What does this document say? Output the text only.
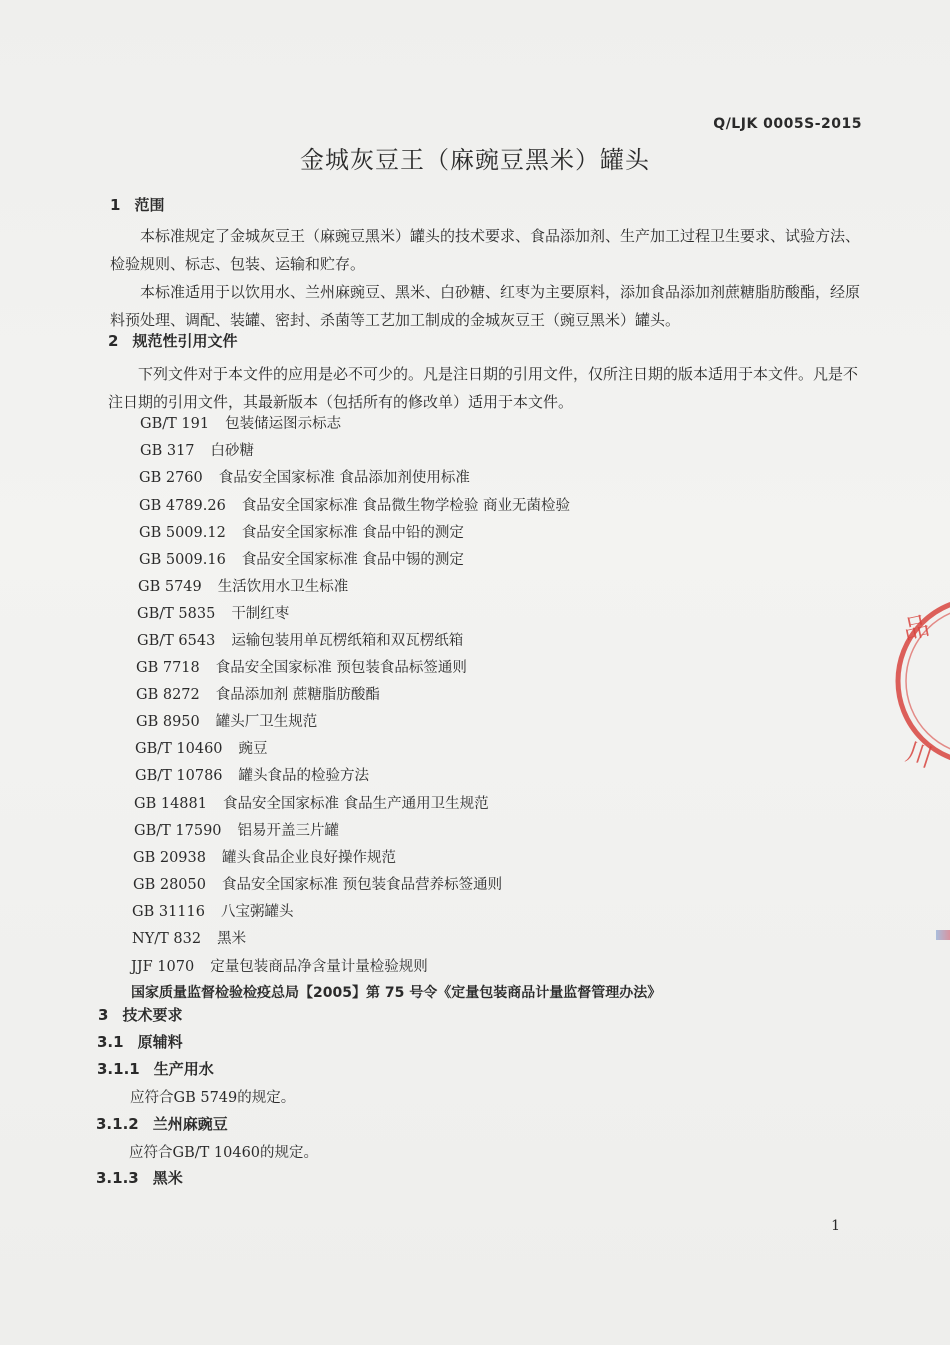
Q/LJK 0005S-2015
金城灰豆王（麻豌豆黑米）罐头
1 范围
本标准规定了金城灰豆王（麻豌豆黑米）罐头的技术要求、食品添加剂、生产加工过程卫生要求、试验方法、检验规则、标志、包装、运输和贮存。
本标准适用于以饮用水、兰州麻豌豆、黑米、白砂糖、红枣为主要原料，添加食品添加剂蔗糖脂肪酸酯，经原料预处理、调配、装罐、密封、杀菌等工艺加工制成的金城灰豆王（豌豆黑米）罐头。
2 规范性引用文件
下列文件对于本文件的应用是必不可少的。凡是注日期的引用文件，仅所注日期的版本适用于本文件。凡是不注日期的引用文件，其最新版本（包括所有的修改单）适用于本文件。
GB/T 191 包装储运图示标志
GB 317 白砂糖
GB 2760 食品安全国家标准 食品添加剂使用标准
GB 4789.26 食品安全国家标准 食品微生物学检验 商业无菌检验
GB 5009.12 食品安全国家标准 食品中铅的测定
GB 5009.16 食品安全国家标准 食品中锡的测定
GB 5749 生活饮用水卫生标准
GB/T 5835 干制红枣
GB/T 6543 运输包装用单瓦楞纸箱和双瓦楞纸箱
GB 7718 食品安全国家标准 预包装食品标签通则
GB 8272 食品添加剂 蔗糖脂肪酸酯
GB 8950 罐头厂卫生规范
GB/T 10460 豌豆
GB/T 10786 罐头食品的检验方法
GB 14881 食品安全国家标准 食品生产通用卫生规范
GB/T 17590 铝易开盖三片罐
GB 20938 罐头食品企业良好操作规范
GB 28050 食品安全国家标准 预包装食品营养标签通则
GB 31116 八宝粥罐头
NY/T 832 黑米
JJF 1070 定量包装商品净含量计量检验规则
国家质量监督检验检疫总局【2005】第 75 号令《定量包装商品计量监督管理办法》
3 技术要求
3.1 原辅料
3.1.1 生产用水
应符合GB 5749的规定。
3.1.2 兰州麻豌豆
应符合GB/T 10460的规定。
3.1.3 黑米
1
品
川
